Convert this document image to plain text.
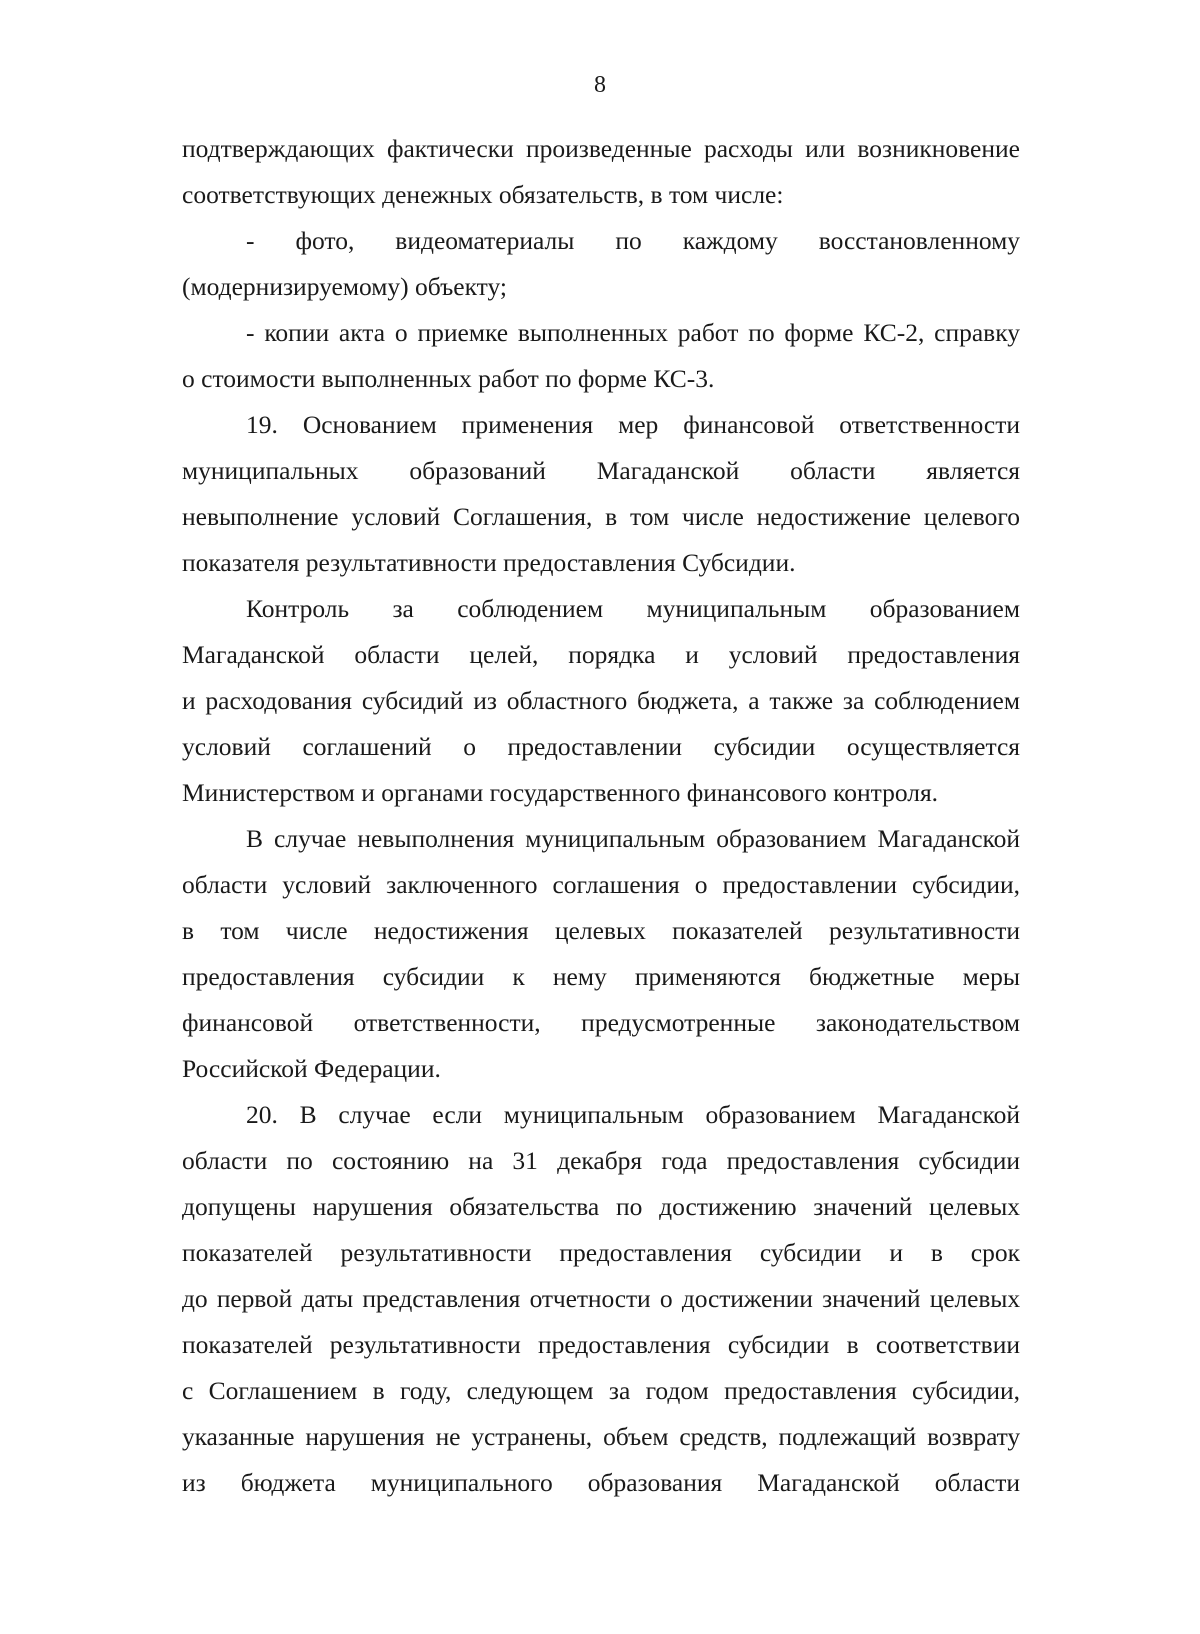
8
подтверждающих фактически произведенные расходы или возникновение
соответствующих денежных обязательств, в том числе:
- фото, видеоматериалы по каждому восстановленному
(модернизируемому) объекту;
- копии акта о приемке выполненных работ по форме КС-2, справку
о стоимости выполненных работ по форме КС-3.
19. Основанием применения мер финансовой ответственности
муниципальных образований Магаданской области является
невыполнение условий Соглашения, в том числе недостижение целевого
показателя результативности предоставления Субсидии.
Контроль за соблюдением муниципальным образованием
Магаданской области целей, порядка и условий предоставления
и расходования субсидий из областного бюджета, а также за соблюдением
условий соглашений о предоставлении субсидии осуществляется
Министерством и органами государственного финансового контроля.
В случае невыполнения муниципальным образованием Магаданской
области условий заключенного соглашения о предоставлении субсидии,
в том числе недостижения целевых показателей результативности
предоставления субсидии к нему применяются бюджетные меры
финансовой ответственности, предусмотренные законодательством
Российской Федерации.
20. В случае если муниципальным образованием Магаданской
области по состоянию на 31 декабря года предоставления субсидии
допущены нарушения обязательства по достижению значений целевых
показателей результативности предоставления субсидии и в срок
до первой даты представления отчетности о достижении значений целевых
показателей результативности предоставления субсидии в соответствии
с Соглашением в году, следующем за годом предоставления субсидии,
указанные нарушения не устранены, объем средств, подлежащий возврату
из бюджета муниципального образования Магаданской области
